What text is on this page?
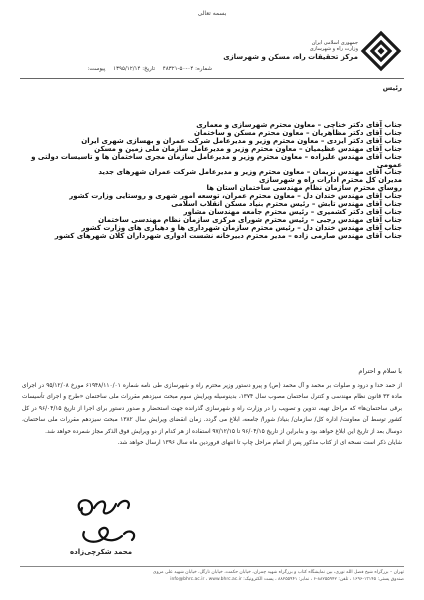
بسمه تعالی
جمهوری اسلامی ایران
وزارت راه و شهرسازی
مرکز تحقیقات راه، مسکن و شهرسازی
شماره: ۰۴-۵۰-۴۸۳۲۱ تاریخ: ۱۳۹۵/۱۲/۱۴ پیوست:
رئیس
جناب آقای دکتر خناچی – معاون محترم شهرسازی و معماری
جناب آقای دکتر مظاهریان – معاون محترم مسکن و ساختمان
جناب آقای دکتر ایزدی – معاون محترم وزیر و مدیرعامل شرکت عمران و بهسازی شهری ایران
جناب آقای مهندس عظیمیان – معاون محترم وزیر و مدیرعامل سازمان ملی زمین و مسکن
جناب آقای مهندس علیزاده – معاون محترم وزیر و مدیرعامل سازمان مجری ساختمان ها و تاسیسات دولتی و عمومی
جناب آقای مهندس نریمان – معاون محترم وزیر و مدیرعامل شرکت عمران شهرهای جدید
مدیران کل محترم ادارات راه و شهرسازی
روسای محترم سازمان نظام مهندسی ساختمان استان ها
جناب آقای مهندس خندان دل – معاون محترم عمران، توسعه امور شهری و روستایی وزارت کشور
جناب آقای مهندس تابش – رئیس محترم بنیاد مسکن انقلاب اسلامی
جناب آقای دکتر کشمیری – رئیس محترم جامعه مهندسان مشاور
جناب آقای مهندس رجبی – رئیس محترم شورای مرکزی سازمان نظام مهندسی ساختمان
جناب آقای مهندس خندان دل – رئیس محترم سازمان شهرداری ها و دهیاری های وزارت کشور
جناب آقای مهندس صارمی زاده – مدیر محترم دبیرخانه نشست ادواری شهرداران کلان شهرهای کشور
با سلام و احترام

از حمد خدا و درود و صلوات بر محمد و آل محمد (ص) و پیرو دستور وزیر محترم راه و شهرسازی طی نامه شماره ۶۱۹۴۸/۱۱۰/۰۱ مورخ ۹۵/۱۲/۰۸ در اجرای ماده ۳۳ قانون نظام مهندسی و کنترل ساختمان مصوب سال ۱۳۷۴، بدینوسیله ویرایش سوم مبحث سیزدهم مقررات ملی ساختمان «طرح و اجرای تأسیسات برقی ساختمان‌ها» که مراحل تهیه، تدوین و تصویب را در وزارت راه و شهرسازی گذرانده جهت استحضار و صدور دستور برای اجرا از تاریخ ۹۶/۰۴/۱۵ در کل کشور توسط آن معاونت/ اداره کل/ سازمان/ بنیاد/ شورا/ جامعه، ابلاغ می گردد. زمان انقضای ویرایش سال ۱۳۸۲ مبحث سیزدهم مقررات ملی ساختمان، دوسال بعد از تاریخ این ابلاغ خواهد بود و بنابراین از تاریخ ۹۶/۰۴/۱۵ تا ۹۷/۱۲/۱۵ استفاده از هر کدام از دو ویرایش فوق الذکر مجاز شمرده خواهد شد.

شایان ذکر است نسخه ای از کتاب مذکور پس از اتمام مراحل چاپ تا انتهای فروردین ماه سال ۱۳۹۶ ارسال خواهد شد.

محمد شکرچی‌زاده
تهران – بزرگراه شیخ فضل الله نوری، بین نمایشگاه کتاب و بزرگراه شهید چمران، خیابان حکمت، خیابان نارگل، خیابان شهید علی مروی
صندوق پستی: ۱۳۱۴۵-۱۶۹۶ ، تلفن: ۸۸۲۵۵۹۴۲-۶ ، نمابر: ۸۸۲۵۵۹۴۱ ، پست الکترونیک: info@bhrc.ac.ir ، www.bhrc.ac.ir
